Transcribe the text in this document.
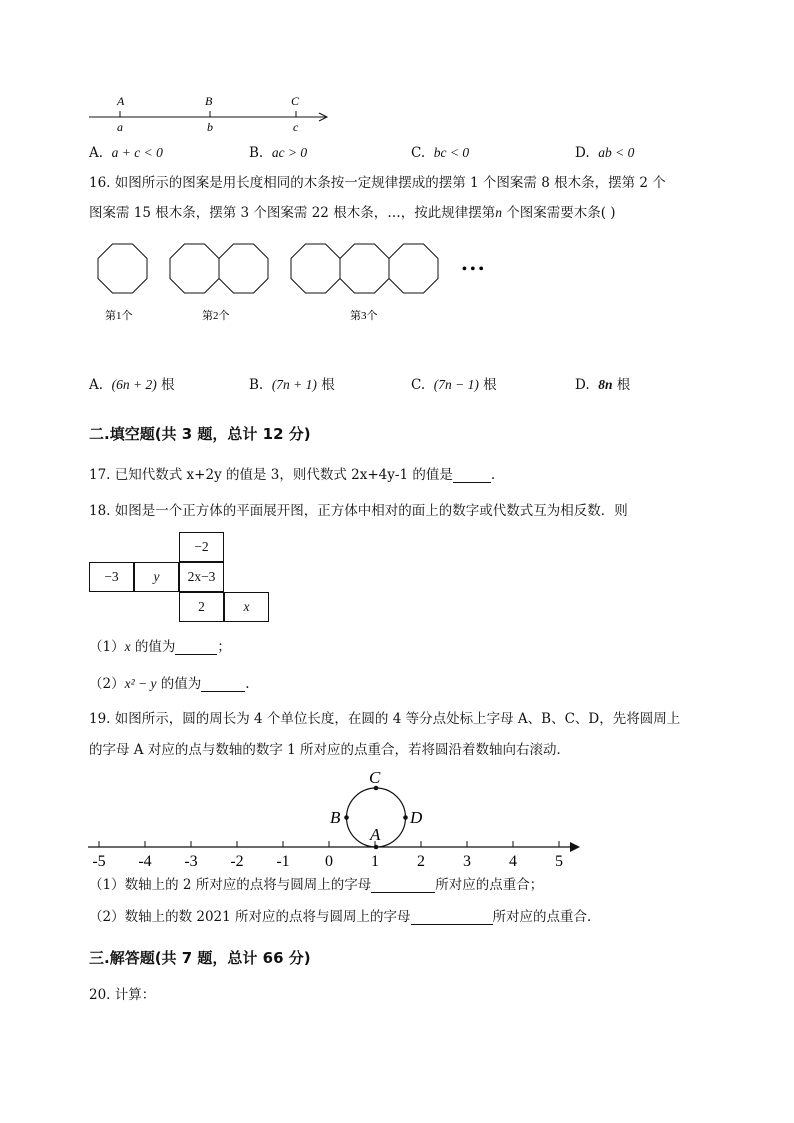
A
a
B
b
C
c
A. a + c < 0	B. ac > 0	C. bc < 0	D. ab < 0
16. 如图所示的图案是用长度相同的木条按一定规律摆成的摆第 1 个图案需 8 根木条，摆第 2 个
图案需 15 根木条，摆第 3 个图案需 22 根木条，…，按此规律摆第n 个图案需要木条( )
• • •
第1个	第2个	第3个
A. (6n + 2) 根	B. (7n + 1) 根	C. (7n − 1) 根	D. 8n 根
二.填空题(共 3 题，总计 12 分)
17. 已知代数式 x+2y 的值是 3，则代数式 2x+4y-1 的值是	.
18. 如图是一个正方体的平面展开图，正方体中相对的面上的数字或代数式互为相反数．则
−2
−3	y	2x−3
2	x
（1）x 的值为	；
（2）x² − y 的值为	.
19. 如图所示，圆的周长为 4 个单位长度，在圆的 4 等分点处标上字母 A、B、C、D，先将圆周上
的字母 A 对应的点与数轴的数字 1 所对应的点重合，若将圆沿着数轴向右滚动．
-5 -4 -3 -2 -1 0 1 2 3 4 5
C
B	D
A
（1）数轴上的 2 所对应的点将与圆周上的字母	所对应的点重合；
（2）数轴上的数 2021 所对应的点将与圆周上的字母	所对应的点重合．
三.解答题(共 7 题，总计 66 分)
20. 计算：
